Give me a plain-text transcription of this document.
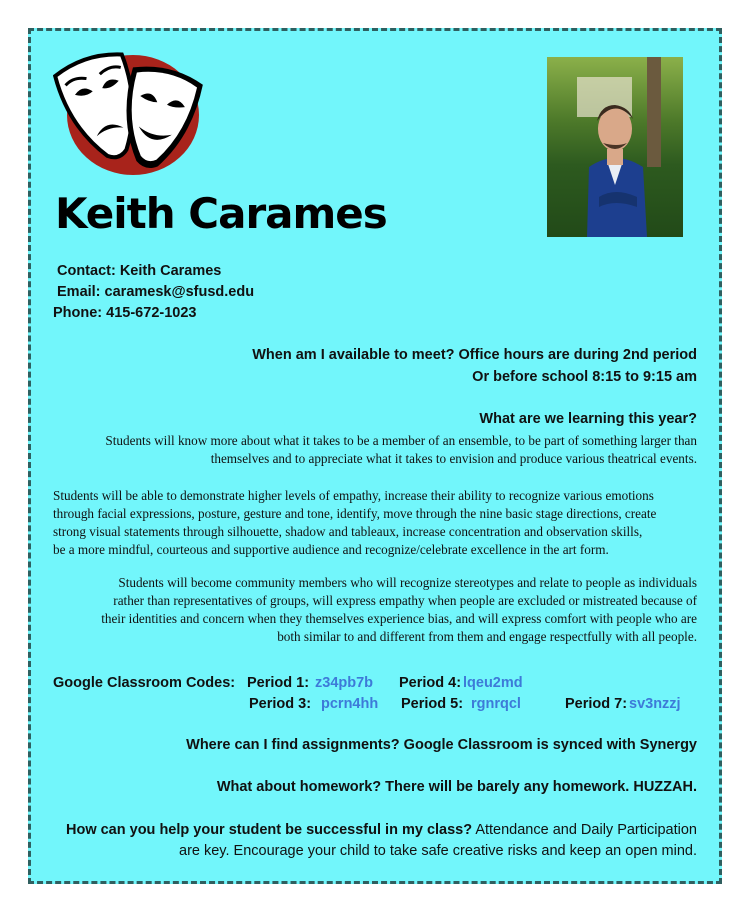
Keith Carames
Contact: Keith Carames
Email: caramesk@sfusd.edu
Phone: 415-672-1023
When am I available to meet? Office hours are during 2nd period
Or before school 8:15 to 9:15 am
What are we learning this year?
Students will know more about what it takes to be a member of an ensemble, to be part of something larger than
themselves and to appreciate what it takes to envision and produce various theatrical events.
Students will be able to demonstrate higher levels of empathy, increase their ability to recognize various emotions
through facial expressions, posture, gesture and tone, identify, move through the nine basic stage directions, create
strong visual statements through silhouette, shadow and tableaux, increase concentration and observation skills,
be a more mindful, courteous and supportive audience and recognize/celebrate excellence in the art form.
Students will become community members who will recognize stereotypes and relate to people as individuals
rather than representatives of groups, will express empathy when people are excluded or mistreated because of
their identities and concern when they themselves experience bias, and will express comfort with people who are
both similar to and different from them and engage respectfully with all people.
Google Classroom Codes: Period 1: z34pb7b Period 4: lqeu2md
Period 3: pcrn4hh Period 5: rgnrqcl	Period 7: sv3nzzj
Where can I find assignments? Google Classroom is synced with Synergy
What about homework? There will be barely any homework. HUZZAH.
How can you help your student be successful in my class? Attendance and Daily Participation
are key. Encourage your child to take safe creative risks and keep an open mind.
